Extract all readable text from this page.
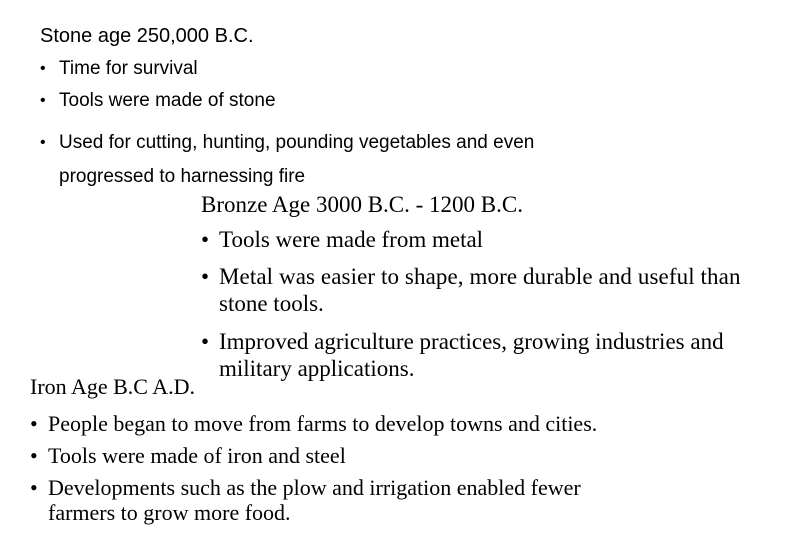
Stone age 250,000 B.C.
• Time for survival
• Tools were made of stone
• Used for cutting, hunting, pounding vegetables and even
progressed to harnessing fire
Bronze Age 3000 B.C. - 1200 B.C.
• Tools were made from metal
• Metal was easier to shape, more durable and useful than
stone tools.
• Improved agriculture practices, growing industries and
military applications.
Iron Age B.C A.D.
• People began to move from farms to develop towns and cities.
• Tools were made of iron and steel
• Developments such as the plow and irrigation enabled fewer
farmers to grow more food.
